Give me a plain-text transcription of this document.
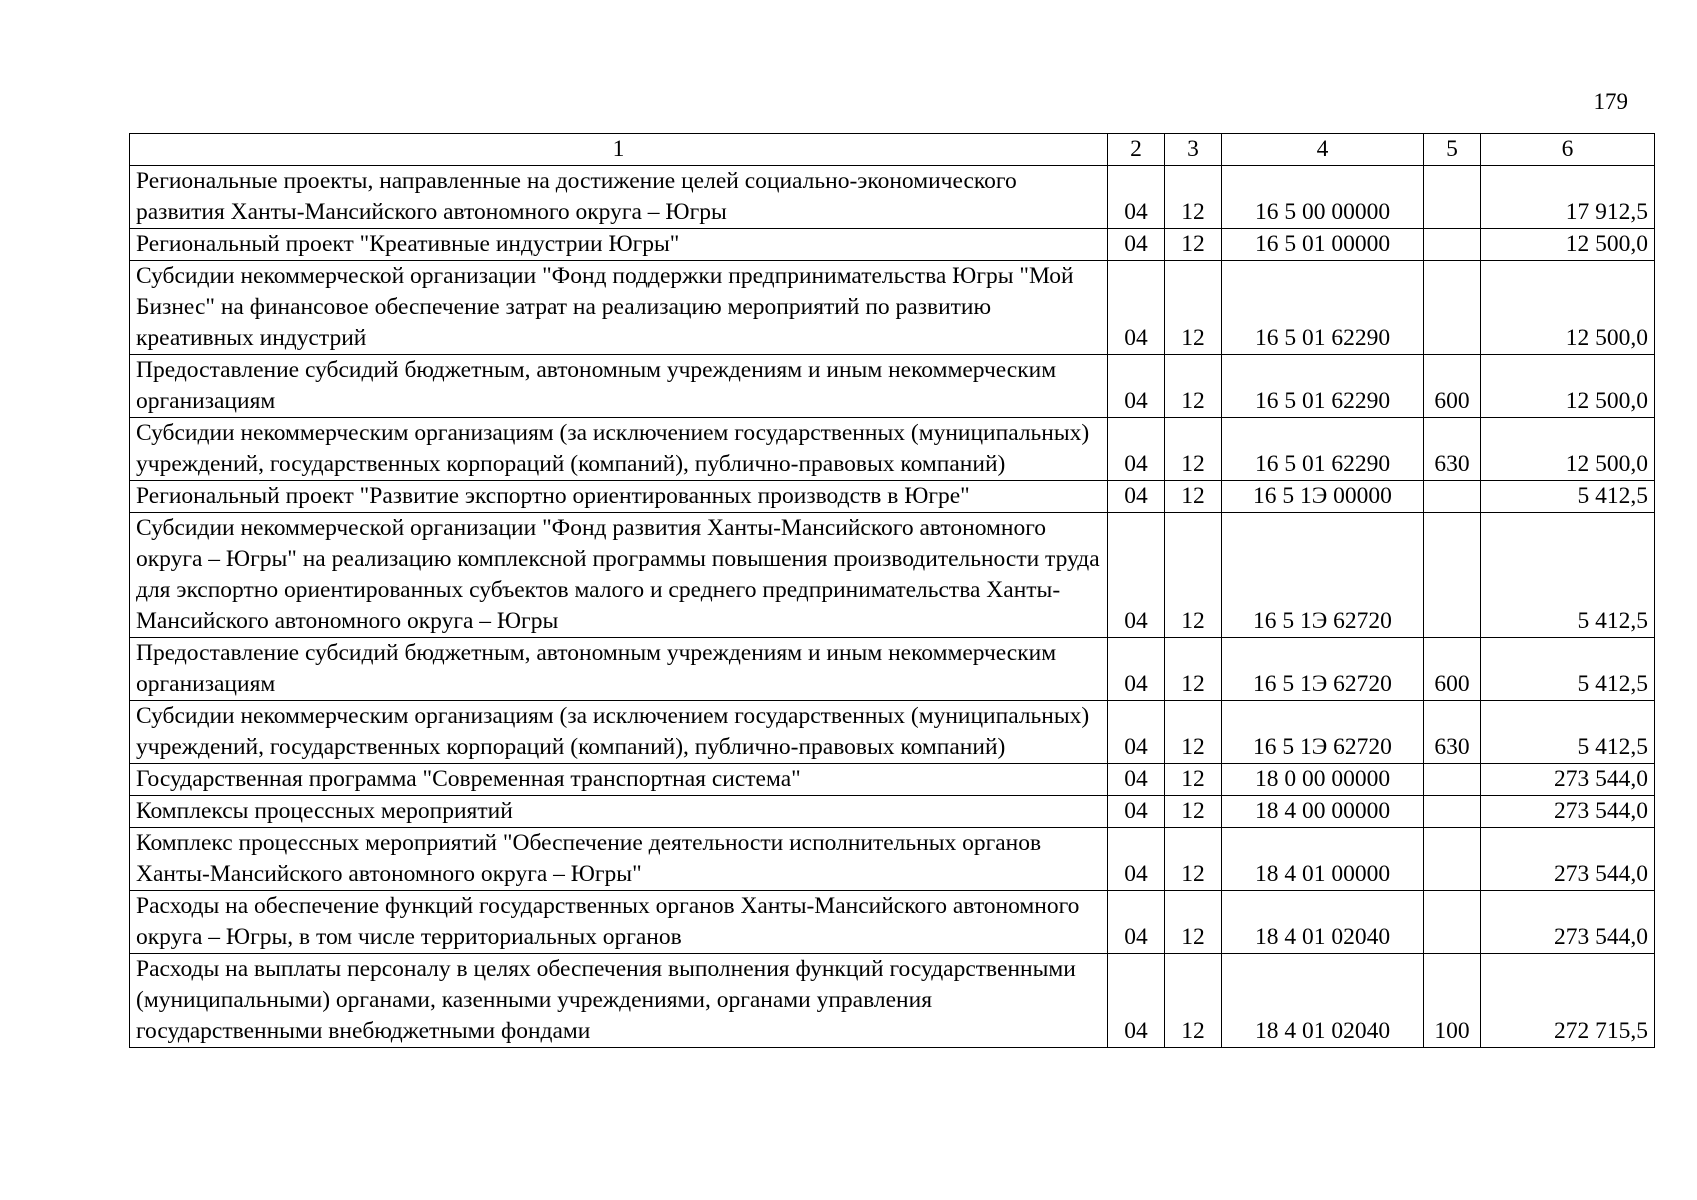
179
1	2	3	4	5	6
Региональные проекты, направленные на достижение целей социально-экономического развития Ханты-Мансийского автономного округа – Югры	04	12	16 5 00 00000		17 912,5
Региональный проект "Креативные индустрии Югры"	04	12	16 5 01 00000		12 500,0
Субсидии некоммерческой организации "Фонд поддержки предпринимательства Югры "Мой Бизнес" на финансовое обеспечение затрат на реализацию мероприятий по развитию креативных индустрий	04	12	16 5 01 62290		12 500,0
Предоставление субсидий бюджетным, автономным учреждениям и иным некоммерческим организациям	04	12	16 5 01 62290	600	12 500,0
Субсидии некоммерческим организациям (за исключением государственных (муниципальных) учреждений, государственных корпораций (компаний), публично-правовых компаний)	04	12	16 5 01 62290	630	12 500,0
Региональный проект "Развитие экспортно ориентированных производств в Югре"	04	12	16 5 1Э 00000		5 412,5
Субсидии некоммерческой организации "Фонд развития Ханты-Мансийского автономного округа – Югры" на реализацию комплексной программы повышения производительности труда для экспортно ориентированных субъектов малого и среднего предпринимательства Ханты-Мансийского автономного округа – Югры	04	12	16 5 1Э 62720		5 412,5
Предоставление субсидий бюджетным, автономным учреждениям и иным некоммерческим организациям	04	12	16 5 1Э 62720	600	5 412,5
Субсидии некоммерческим организациям (за исключением государственных (муниципальных) учреждений, государственных корпораций (компаний), публично-правовых компаний)	04	12	16 5 1Э 62720	630	5 412,5
Государственная программа "Современная транспортная система"	04	12	18 0 00 00000		273 544,0
Комплексы процессных мероприятий	04	12	18 4 00 00000		273 544,0
Комплекс процессных мероприятий "Обеспечение деятельности исполнительных органов Ханты-Мансийского автономного округа – Югры"	04	12	18 4 01 00000		273 544,0
Расходы на обеспечение функций государственных органов Ханты-Мансийского автономного округа – Югры, в том числе территориальных органов	04	12	18 4 01 02040		273 544,0
Расходы на выплаты персоналу в целях обеспечения выполнения функций государственными (муниципальными) органами, казенными учреждениями, органами управления государственными внебюджетными фондами	04	12	18 4 01 02040	100	272 715,5
